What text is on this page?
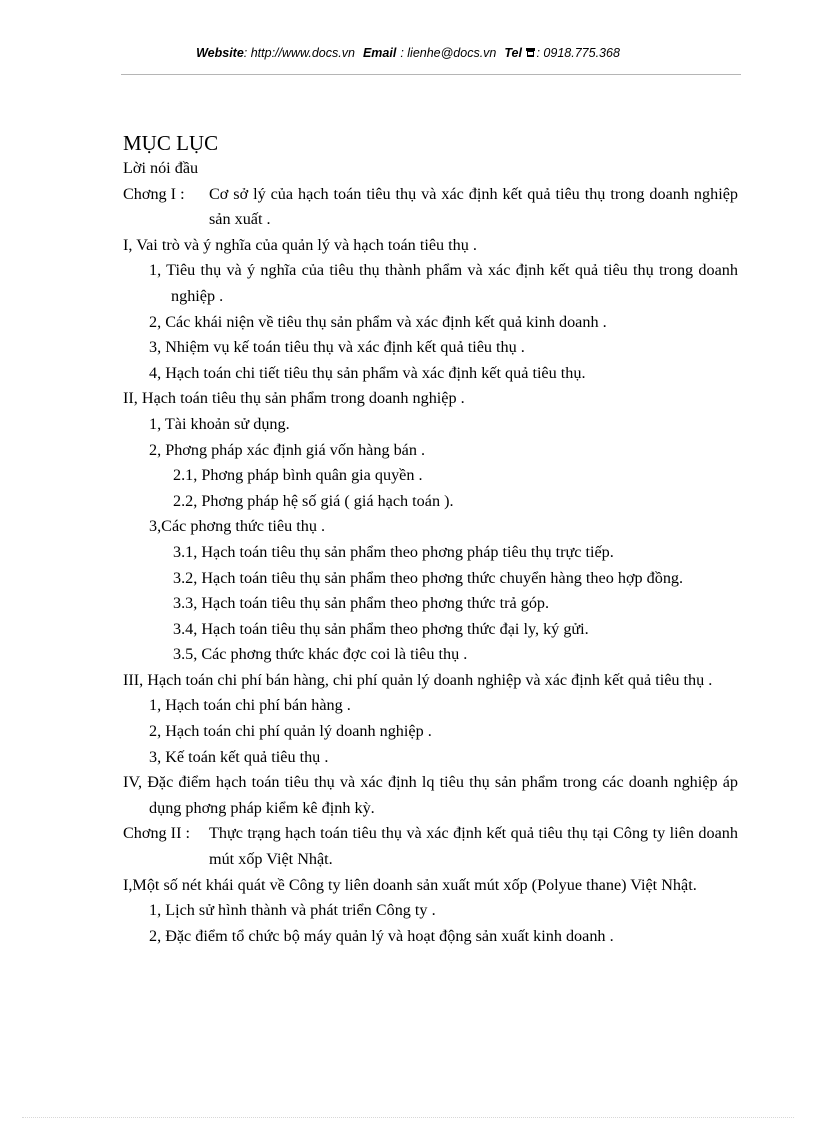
Website: http://www.docs.vn Email : lienhe@docs.vn Tel : 0918.775.368
MỤC LỤC
Lời nói đầu
Chơng I :	Cơ sở lý của hạch toán tiêu thụ và xác định kết quả tiêu thụ trong doanh nghiệp sản xuất .
I, Vai trò và ý nghĩa của quản lý và hạch toán tiêu thụ .
1, Tiêu thụ và ý nghĩa của tiêu thụ thành phẩm và xác định kết quả tiêu thụ trong doanh nghiệp .
2, Các khái niện về tiêu thụ sản phẩm và xác định kết quả kinh doanh .
3, Nhiệm vụ kế toán tiêu thụ và xác định kết quả tiêu thụ .
4, Hạch toán chi tiết tiêu thụ sản phẩm và xác định kết quả tiêu thụ.
II, Hạch toán tiêu thụ sản phẩm trong doanh nghiệp .
1, Tài khoản sử dụng.
2, Phơng pháp xác định giá vốn hàng bán .
2.1, Phơng pháp bình quân gia quyền .
2.2, Phơng pháp hệ số giá ( giá hạch toán ).
3,Các phơng thức tiêu thụ .
3.1, Hạch toán tiêu thụ sản phẩm theo phơng pháp tiêu thụ trực tiếp.
3.2, Hạch toán tiêu thụ sản phẩm theo phơng thức chuyển hàng theo hợp đồng.
3.3, Hạch toán tiêu thụ sản phẩm theo phơng thức trả góp.
3.4, Hạch toán tiêu thụ sản phẩm theo phơng thức đại ly, ký gửi.
3.5, Các phơng thức khác đợc coi là tiêu thụ .
III, Hạch toán chi phí bán hàng, chi phí quản lý doanh nghiệp và xác định kết quả tiêu thụ .
1, Hạch toán chi phí bán hàng .
2, Hạch toán chi phí quản lý doanh nghiệp .
3, Kế toán kết quả tiêu thụ .
IV, Đặc điểm hạch toán tiêu thụ và xác định lq tiêu thụ sản phẩm trong các doanh nghiệp áp dụng phơng pháp kiểm kê định kỳ.
Chơng II :	Thực trạng hạch toán tiêu thụ và xác định kết quả tiêu thụ tại Công ty liên doanh mút xốp Việt Nhật.
I,Một số nét khái quát về Công ty liên doanh sản xuất mút xốp (Polyue thane) Việt Nhật.
1, Lịch sử hình thành và phát triển Công ty .
2, Đặc điểm tổ chức bộ máy quản lý và hoạt động sản xuất kinh doanh .
